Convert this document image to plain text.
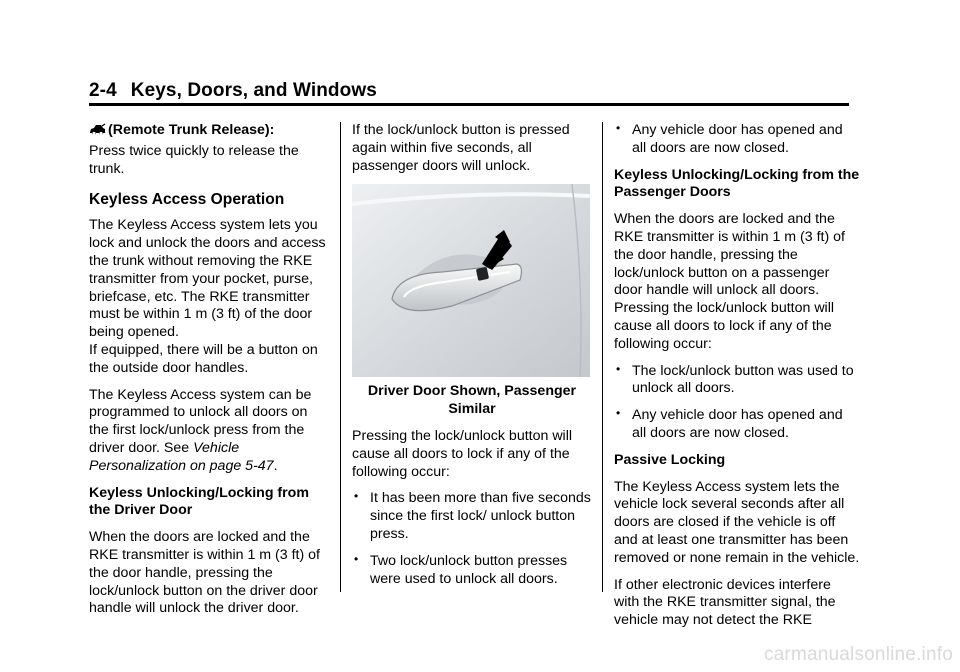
2-4 Keys, Doors, and Windows

(Remote Trunk Release):
Press twice quickly to release the trunk.

Keyless Access Operation

The Keyless Access system lets you lock and unlock the doors and access the trunk without removing the RKE transmitter from your pocket, purse, briefcase, etc. The RKE transmitter must be within 1 m (3 ft) of the door being opened.
If equipped, there will be a button on the outside door handles.

The Keyless Access system can be programmed to unlock all doors on the first lock/unlock press from the driver door. See Vehicle Personalization on page 5-47.

Keyless Unlocking/Locking from the Driver Door

When the doors are locked and the RKE transmitter is within 1 m (3 ft) of the door handle, pressing the lock/unlock button on the driver door handle will unlock the driver door.

If the lock/unlock button is pressed again within five seconds, all passenger doors will unlock.

Driver Door Shown, Passenger Similar

Pressing the lock/unlock button will cause all doors to lock if any of the following occur:

• It has been more than five seconds since the first lock/ unlock button press.
• Two lock/unlock button presses were used to unlock all doors.
• Any vehicle door has opened and all doors are now closed.

Keyless Unlocking/Locking from the Passenger Doors

When the doors are locked and the RKE transmitter is within 1 m (3 ft) of the door handle, pressing the lock/unlock button on a passenger door handle will unlock all doors. Pressing the lock/unlock button will cause all doors to lock if any of the following occur:

• The lock/unlock button was used to unlock all doors.
• Any vehicle door has opened and all doors are now closed.

Passive Locking

The Keyless Access system lets the vehicle lock several seconds after all doors are closed if the vehicle is off and at least one transmitter has been removed or none remain in the vehicle.

If other electronic devices interfere with the RKE transmitter signal, the vehicle may not detect the RKE

carmanualsonline.info
